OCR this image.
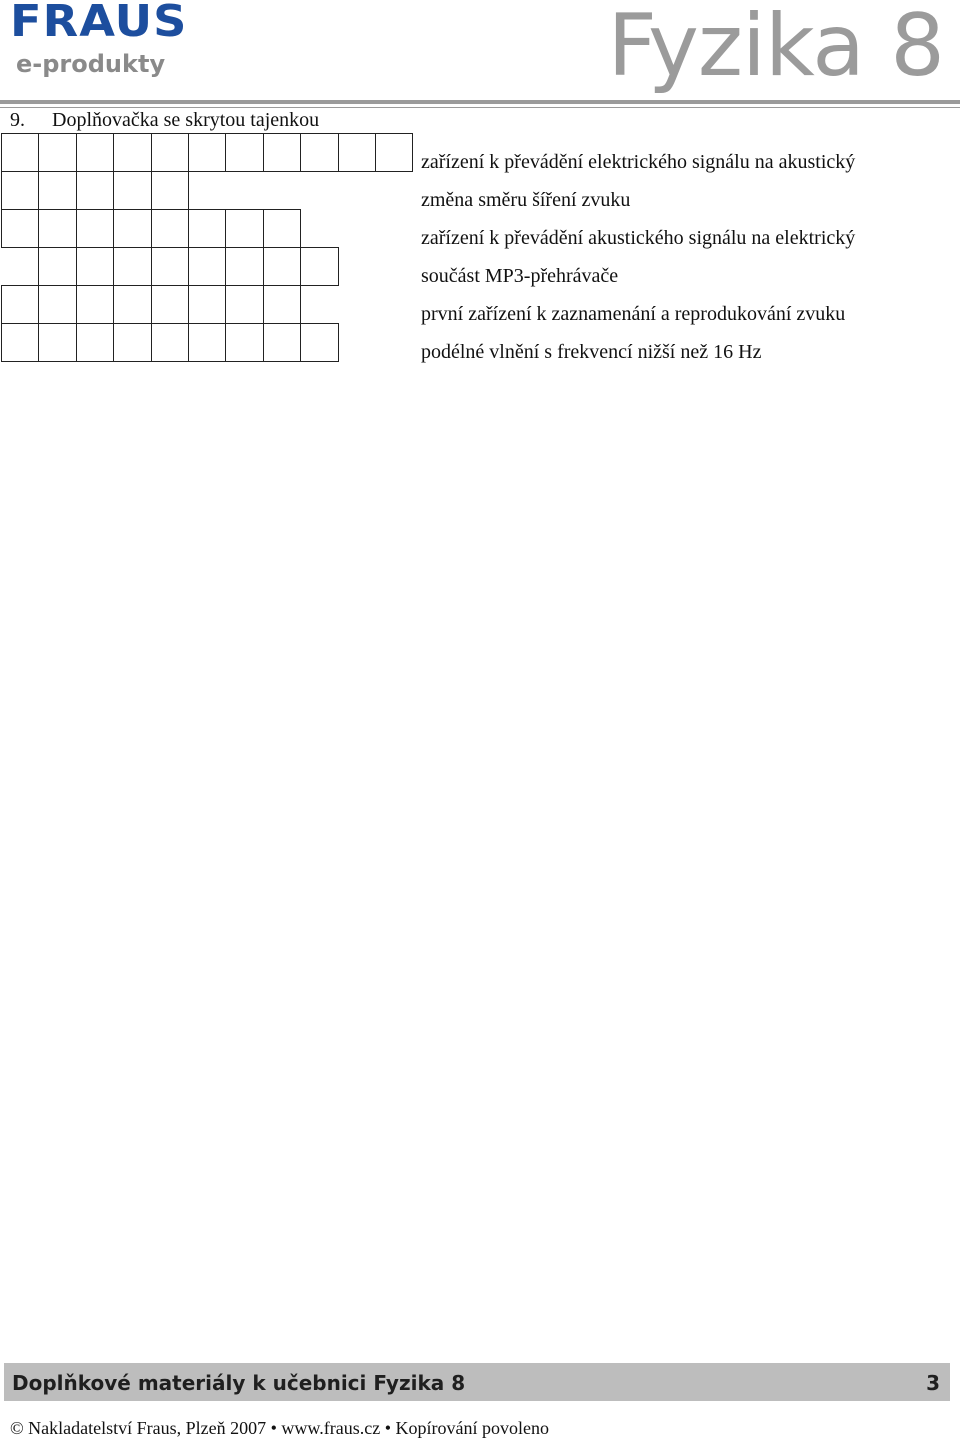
FRAUS
e-produkty	Fyzika 8
9. Doplňovačka se skrytou tajenkou
zařízení k převádění elektrického signálu na akustický
změna směru šíření zvuku
zařízení k převádění akustického signálu na elektrický
součást MP3-přehrávače
první zařízení k zaznamenání a reprodukování zvuku
podélné vlnění s frekvencí nižší než 16 Hz
Doplňkové materiály k učebnici Fyzika 8	3
© Nakladatelství Fraus, Plzeň 2007 • www.fraus.cz • Kopírování povoleno
